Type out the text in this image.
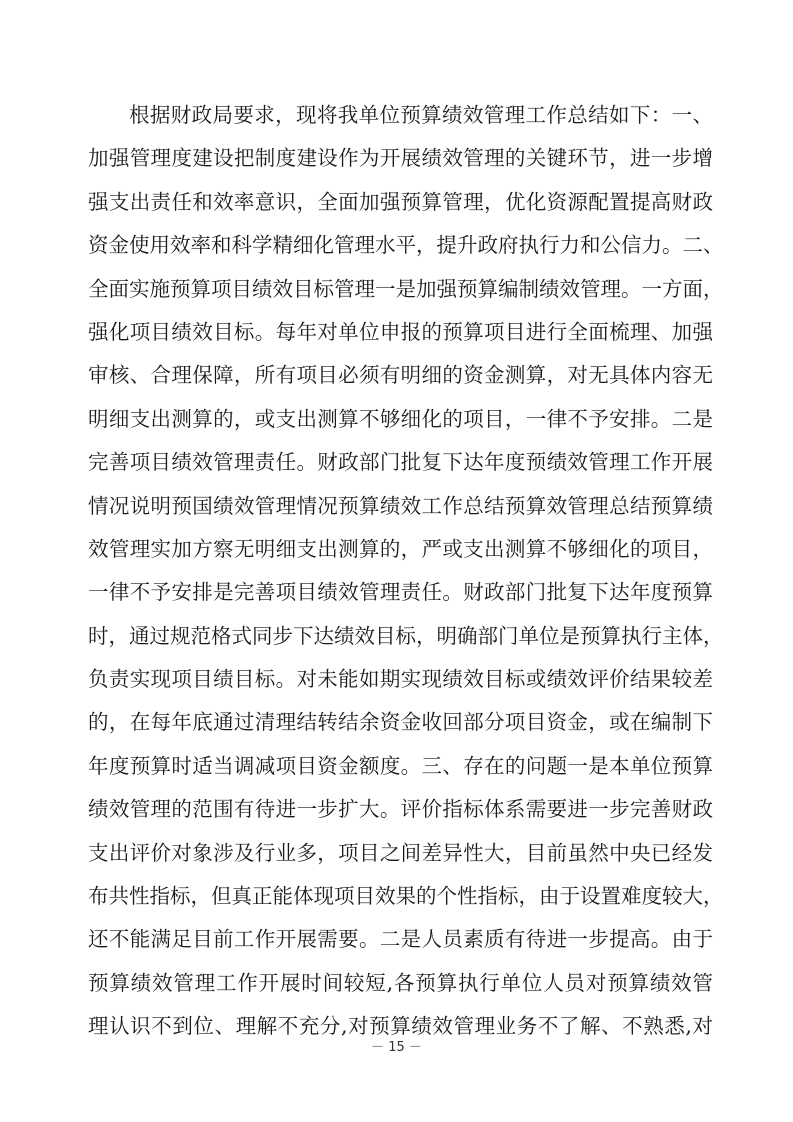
根据财政局要求，现将我单位预算绩效管理工作总结如下：一、
加强管理度建设把制度建设作为开展绩效管理的关键环节，进一步增
强支出责任和效率意识，全面加强预算管理，优化资源配置提高财政
资金使用效率和科学精细化管理水平，提升政府执行力和公信力。二、
全面实施预算项目绩效目标管理一是加强预算编制绩效管理。一方面，
强化项目绩效目标。每年对单位申报的预算项目进行全面梳理、加强
审核、合理保障，所有项目必须有明细的资金测算，对无具体内容无
明细支出测算的，或支出测算不够细化的项目，一律不予安排。二是
完善项目绩效管理责任。财政部门批复下达年度预绩效管理工作开展
情况说明预国绩效管理情况预算绩效工作总结预算效管理总结预算绩
效管理实加方察无明细支出测算的，严或支出测算不够细化的项目，
一律不予安排是完善项目绩效管理责任。财政部门批复下达年度预算
时，通过规范格式同步下达绩效目标，明确部门单位是预算执行主体，
负责实现项目绩目标。对未能如期实现绩效目标或绩效评价结果较差
的，在每年底通过清理结转结余资金收回部分项目资金，或在编制下
年度预算时适当调减项目资金额度。三、存在的问题一是本单位预算
绩效管理的范围有待进一步扩大。评价指标体系需要进一步完善财政
支出评价对象涉及行业多，项目之间差异性大，目前虽然中央已经发
布共性指标，但真正能体现项目效果的个性指标，由于设置难度较大，
还不能满足目前工作开展需要。二是人员素质有待进一步提高。由于
预算绩效管理工作开展时间较短,各预算执行单位人员对预算绩效管
理认识不到位、理解不充分,对预算绩效管理业务不了解、不熟悉,对
－ 15 －
